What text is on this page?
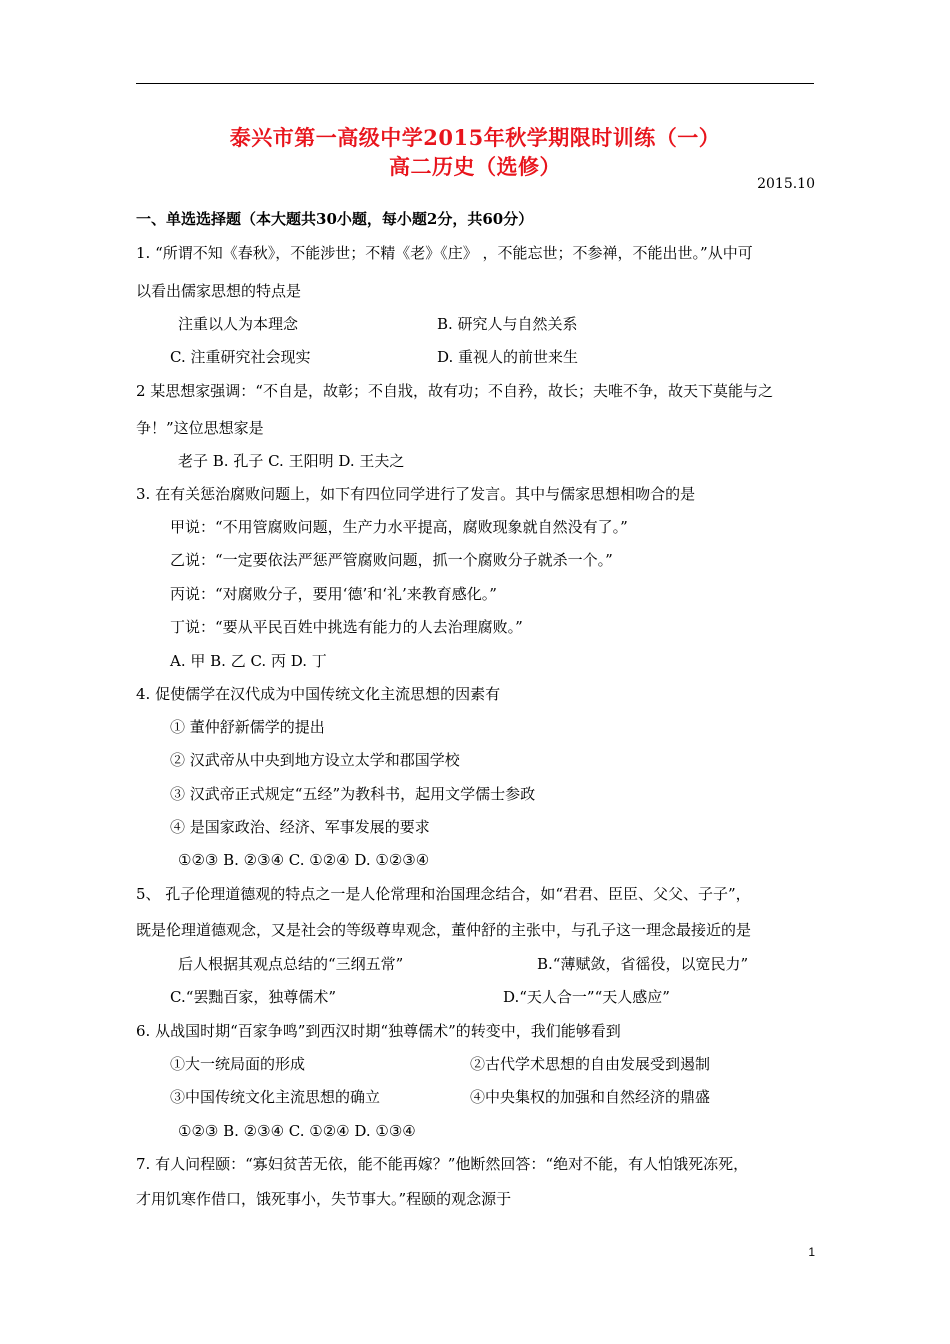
泰兴市第一高级中学2015年秋学期限时训练（一）
高二历史（选修）
2015.10
一、单选选择题（本大题共30小题，每小题2分，共60分）
1. “所谓不知《春秋》，不能涉世；不精《老》《庄》 ，不能忘世；不参禅，不能出世。”从中可
以看出儒家思想的特点是
注重以人为本理念	B. 研究人与自然关系
C. 注重研究社会现实	D. 重视人的前世来生
2 某思想家强调：“不自是，故彰；不自戕，故有功；不自矜，故长；夫唯不争，故天下莫能与之
争！”这位思想家是
老子 B. 孔子 C. 王阳明 D. 王夫之
3. 在有关惩治腐败问题上，如下有四位同学进行了发言。其中与儒家思想相吻合的是
甲说：“不用管腐败问题，生产力水平提高，腐败现象就自然没有了。”
乙说：“一定要依法严惩严管腐败问题，抓一个腐败分子就杀一个。”
丙说：“对腐败分子，要用‘德’和‘礼’来教育感化。”
丁说：“要从平民百姓中挑选有能力的人去治理腐败。”
A. 甲 B. 乙 C. 丙 D. 丁
4. 促使儒学在汉代成为中国传统文化主流思想的因素有
① 董仲舒新儒学的提出
② 汉武帝从中央到地方设立太学和郡国学校
③ 汉武帝正式规定“五经”为教科书，起用文学儒士参政
④ 是国家政治、经济、军事发展的要求
①②③ B. ②③④ C. ①②④ D. ①②③④
5、 孔子伦理道德观的特点之一是人伦常理和治国理念结合，如“君君、臣臣、父父、子子”，
既是伦理道德观念，又是社会的等级尊卑观念，董仲舒的主张中，与孔子这一理念最接近的是
后人根据其观点总结的“三纲五常”	B.“薄赋敛，省徭役，以宽民力”
C.“罢黜百家，独尊儒术”	D.“天人合一”“天人感应”
6. 从战国时期“百家争鸣”到西汉时期“独尊儒术”的转变中，我们能够看到
①大一统局面的形成	②古代学术思想的自由发展受到遏制
③中国传统文化主流思想的确立	④中央集权的加强和自然经济的鼎盛
①②③ B. ②③④ C. ①②④ D. ①③④
7. 有人问程颐：“寡妇贫苦无依，能不能再嫁？”他断然回答：“绝对不能，有人怕饿死冻死，
才用饥寒作借口，饿死事小，失节事大。”程颐的观念源于
1
